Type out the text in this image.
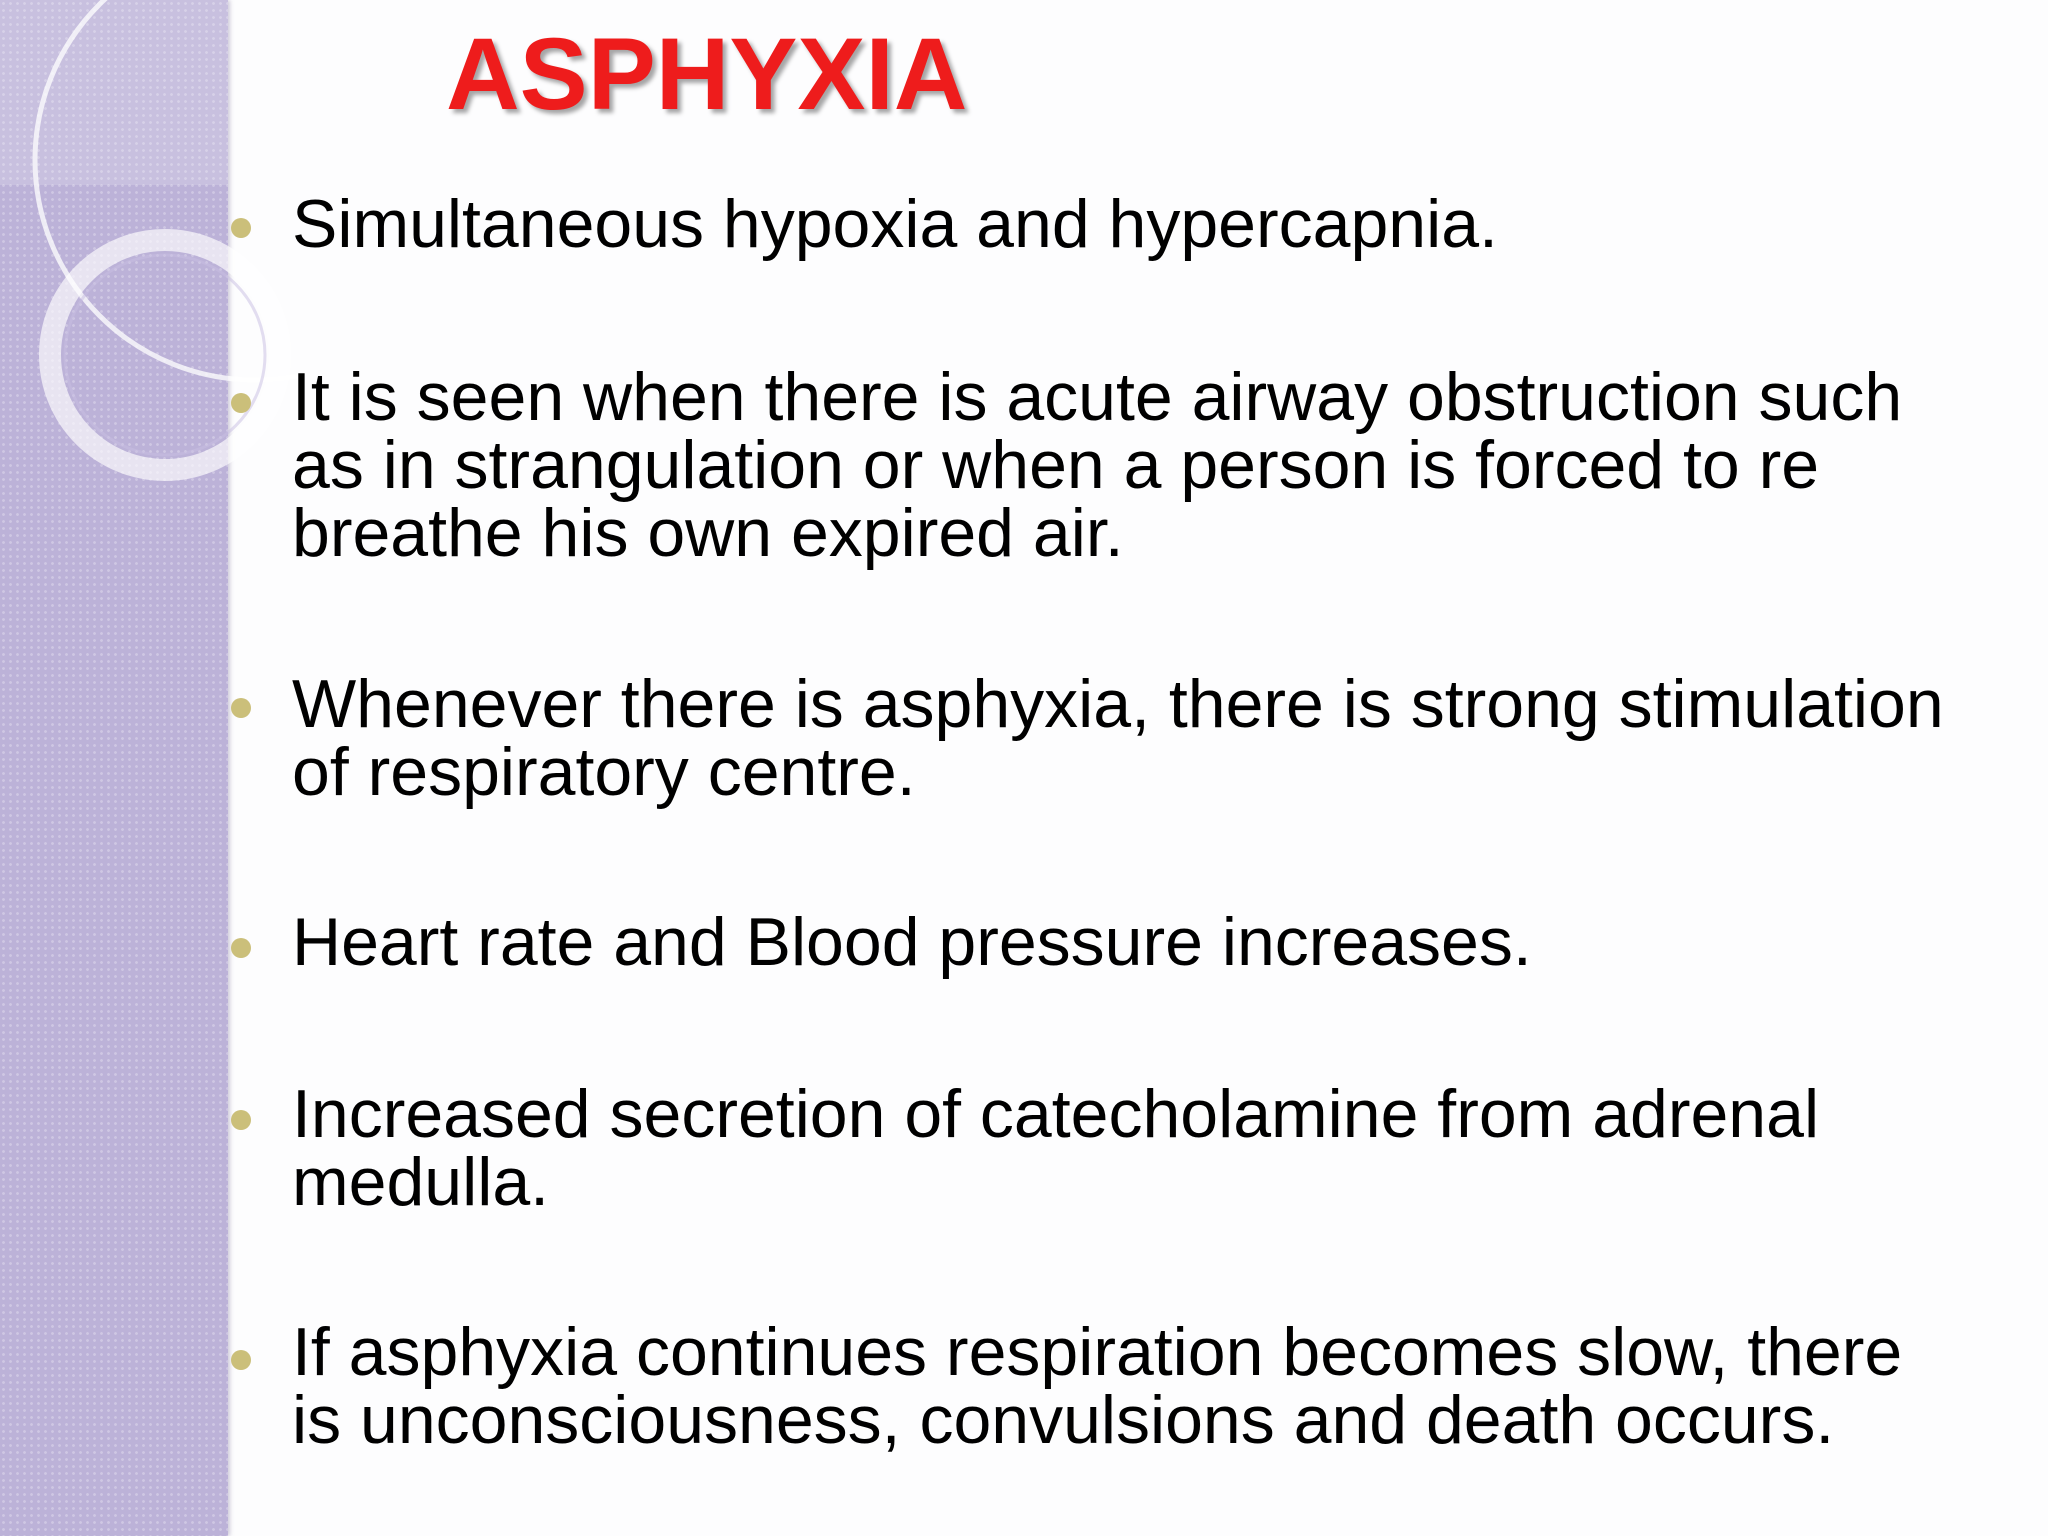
ASPHYXIA
Simultaneous hypoxia and hypercapnia.
It is seen when there is acute airway obstruction such
as in strangulation or when a person is forced to re
breathe his own expired air.
Whenever there is asphyxia, there is strong stimulation
of respiratory centre.
Heart rate and Blood pressure increases.
Increased secretion of catecholamine from adrenal
medulla.
If asphyxia continues respiration becomes slow, there
is unconsciousness, convulsions and death occurs.
